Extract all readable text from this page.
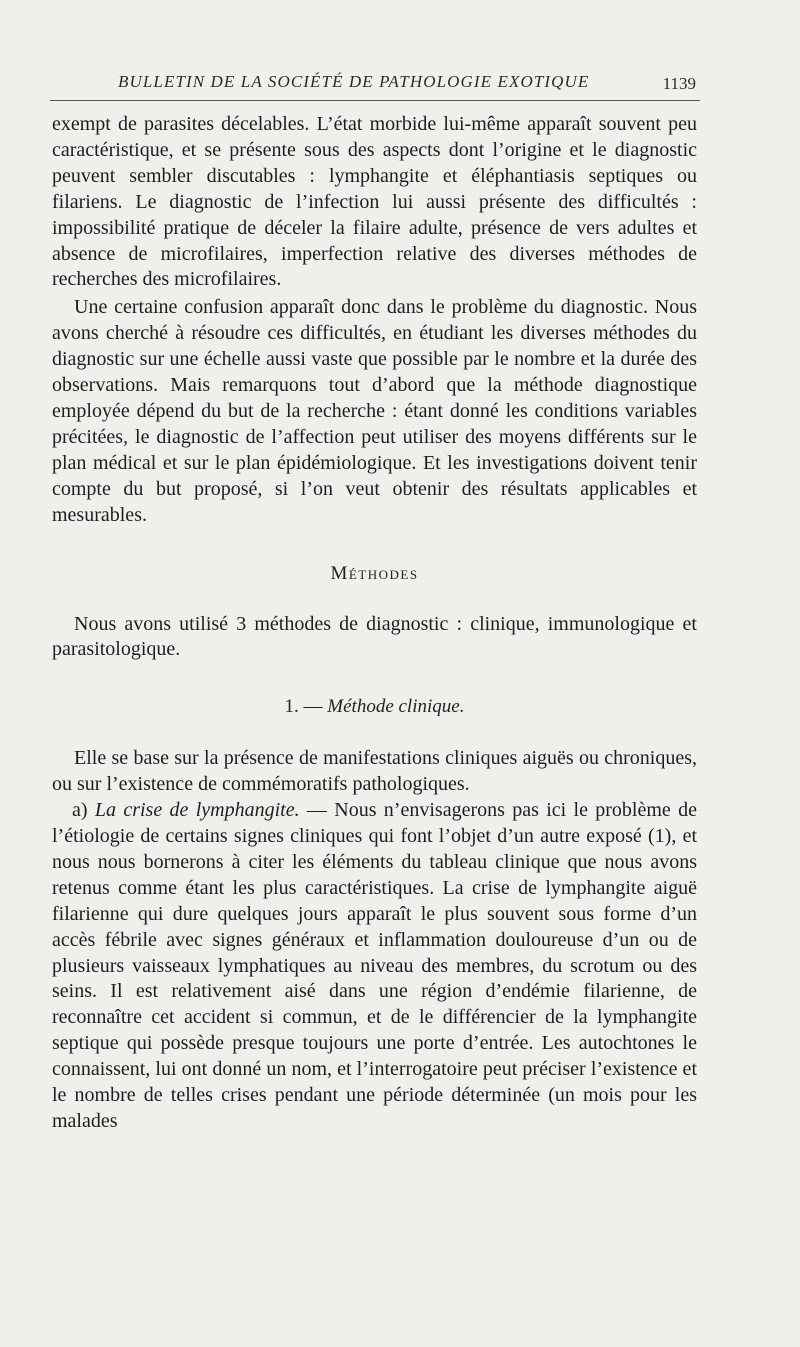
BULLETIN DE LA SOCIÉTÉ DE PATHOLOGIE EXOTIQUE	1139

exempt de parasites décelables. L’état morbide lui-même apparaît souvent peu caractéristique, et se présente sous des aspects dont l’origine et le diagnostic peuvent sembler discutables : lymphangite et éléphantiasis septiques ou filariens. Le diagnostic de l’infection lui aussi présente des difficultés : impossibilité pratique de déceler la filaire adulte, présence de vers adultes et absence de microfilaires, imperfection relative des diverses méthodes de recherches des microfilaires.

Une certaine confusion apparaît donc dans le problème du diagnostic. Nous avons cherché à résoudre ces difficultés, en étudiant les diverses méthodes du diagnostic sur une échelle aussi vaste que possible par le nombre et la durée des observations. Mais remarquons tout d’abord que la méthode diagnostique employée dépend du but de la recherche : étant donné les conditions variables précitées, le diagnostic de l’affection peut utiliser des moyens différents sur le plan médical et sur le plan épidémiologique. Et les investigations doivent tenir compte du but proposé, si l’on veut obtenir des résultats applicables et mesurables.

Méthodes

Nous avons utilisé 3 méthodes de diagnostic : clinique, immunologique et parasitologique.

1. — Méthode clinique.

Elle se base sur la présence de manifestations cliniques aiguës ou chroniques, ou sur l’existence de commémoratifs pathologiques.

a) La crise de lymphangite. — Nous n’envisagerons pas ici le problème de l’étiologie de certains signes cliniques qui font l’objet d’un autre exposé (1), et nous nous bornerons à citer les éléments du tableau clinique que nous avons retenus comme étant les plus caractéristiques. La crise de lymphangite aiguë filarienne qui dure quelques jours apparaît le plus souvent sous forme d’un accès fébrile avec signes généraux et inflammation douloureuse d’un ou de plusieurs vaisseaux lymphatiques au niveau des membres, du scrotum ou des seins. Il est relativement aisé dans une région d’endémie filarienne, de reconnaître cet accident si commun, et de le différencier de la lymphangite septique qui possède presque toujours une porte d’entrée. Les autochtones le connaissent, lui ont donné un nom, et l’interrogatoire peut préciser l’existence et le nombre de telles crises pendant une période déterminée (un mois pour les malades
